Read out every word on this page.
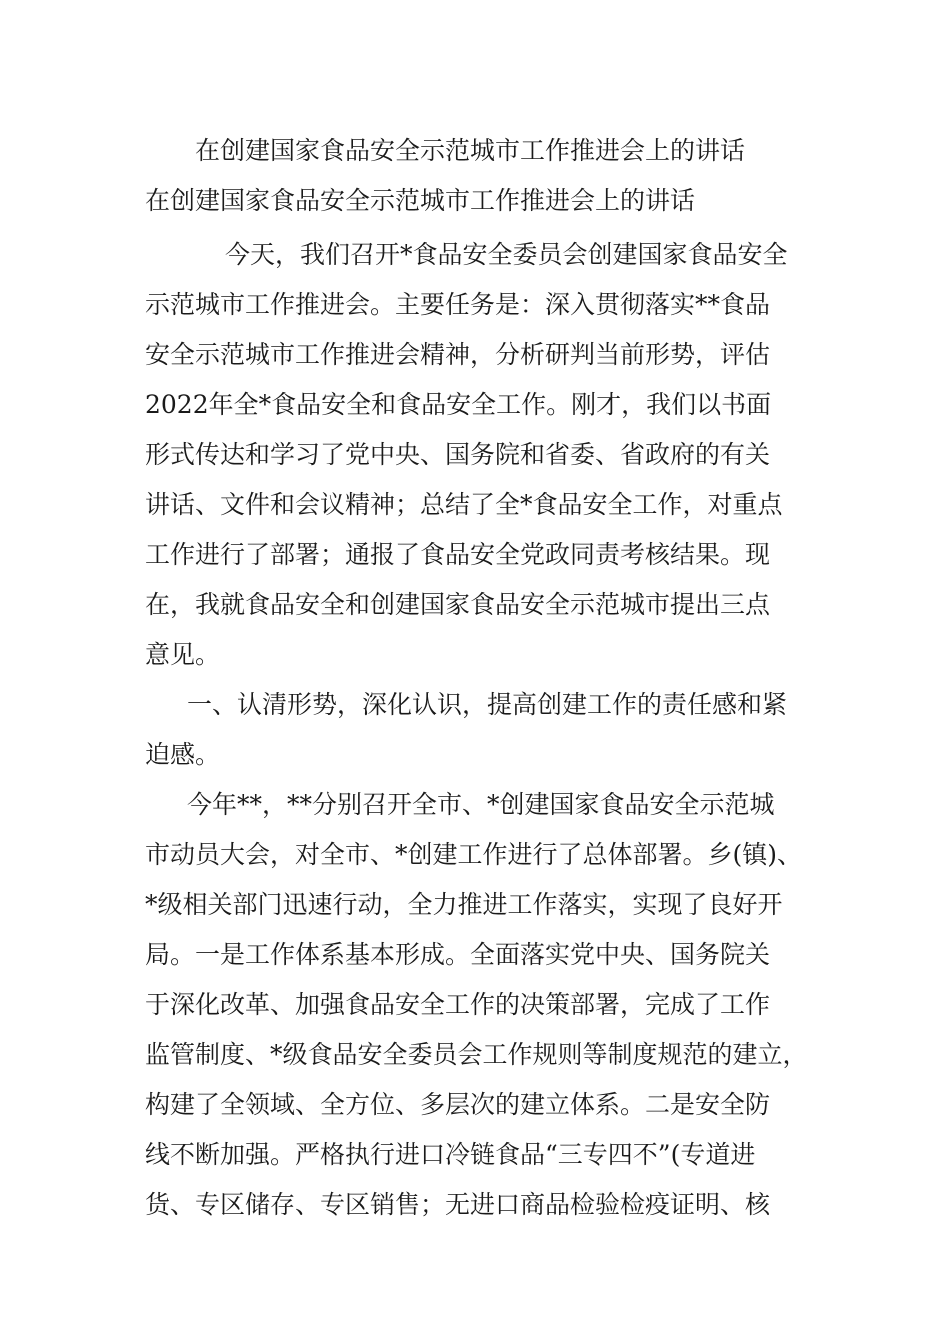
在创建国家食品安全示范城市工作推进会上的讲话
在创建国家食品安全示范城市工作推进会上的讲话
今天，我们召开*食品安全委员会创建国家食品安全
示范城市工作推进会。主要任务是：深入贯彻落实**食品
安全示范城市工作推进会精神，分析研判当前形势，评估
2022年全*食品安全和食品安全工作。刚才，我们以书面
形式传达和学习了党中央、国务院和省委、省政府的有关
讲话、文件和会议精神；总结了全*食品安全工作，对重点
工作进行了部署；通报了食品安全党政同责考核结果。现
在，我就食品安全和创建国家食品安全示范城市提出三点
意见。
一、认清形势，深化认识，提高创建工作的责任感和紧
迫感。
今年**，**分别召开全市、*创建国家食品安全示范城
市动员大会，对全市、*创建工作进行了总体部署。乡(镇)、
*级相关部门迅速行动，全力推进工作落实，实现了良好开
局。一是工作体系基本形成。全面落实党中央、国务院关
于深化改革、加强食品安全工作的决策部署，完成了工作
监管制度、*级食品安全委员会工作规则等制度规范的建立，
构建了全领域、全方位、多层次的建立体系。二是安全防
线不断加强。严格执行进口冷链食品“三专四不”(专道进
货、专区储存、专区销售；无进口商品检验检疫证明、核
